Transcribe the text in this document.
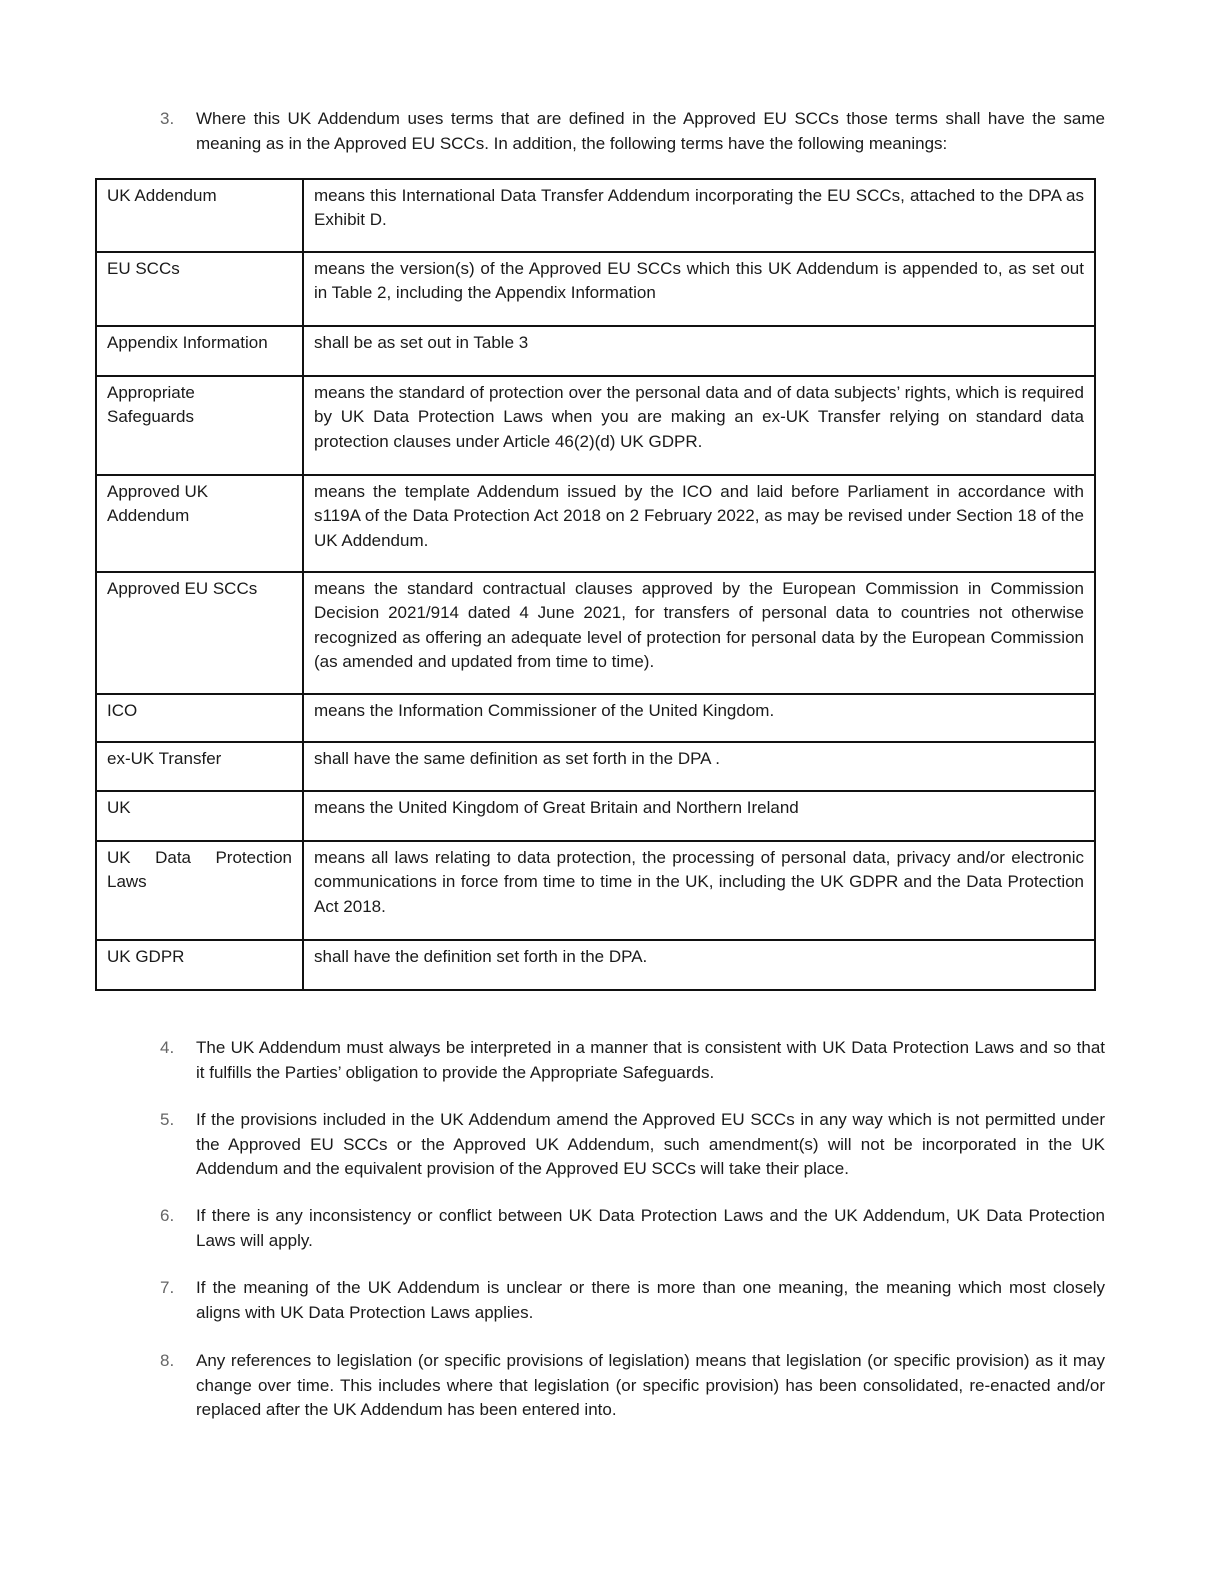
3.	Where this UK Addendum uses terms that are defined in the Approved EU SCCs those terms shall have the same meaning as in the Approved EU SCCs. In addition, the following terms have the following meanings:
UK Addendum	means this International Data Transfer Addendum incorporating the EU SCCs, attached to the DPA as Exhibit D.
EU SCCs	means the version(s) of the Approved EU SCCs which this UK Addendum is appended to, as set out in Table 2, including the Appendix Information
Appendix Information	shall be as set out in Table 3
Appropriate Safeguards	means the standard of protection over the personal data and of data subjects’ rights, which is required by UK Data Protection Laws when you are making an ex-UK Transfer relying on standard data protection clauses under Article 46(2)(d) UK GDPR.
Approved UK Addendum	means the template Addendum issued by the ICO and laid before Parliament in accordance with s119A of the Data Protection Act 2018 on 2 February 2022, as may be revised under Section 18 of the UK Addendum.
Approved EU SCCs	means the standard contractual clauses approved by the European Commission in Commission Decision 2021/914 dated 4 June 2021, for transfers of personal data to countries not otherwise recognized as offering an adequate level of protection for personal data by the European Commission (as amended and updated from time to time).
ICO	means the Information Commissioner of the United Kingdom.
ex-UK Transfer	shall have the same definition as set forth in the DPA .
UK	means the United Kingdom of Great Britain and Northern Ireland
UK Data Protection Laws	means all laws relating to data protection, the processing of personal data, privacy and/or electronic communications in force from time to time in the UK, including the UK GDPR and the Data Protection Act 2018.
UK GDPR	shall have the definition set forth in the DPA.
4.	The UK Addendum must always be interpreted in a manner that is consistent with UK Data Protection Laws and so that it fulfills the Parties’ obligation to provide the Appropriate Safeguards.
5.	If the provisions included in the UK Addendum amend the Approved EU SCCs in any way which is not permitted under the Approved EU SCCs or the Approved UK Addendum, such amendment(s) will not be incorporated in the UK Addendum and the equivalent provision of the Approved EU SCCs will take their place.
6.	If there is any inconsistency or conflict between UK Data Protection Laws and the UK Addendum, UK Data Protection Laws will apply.
7.	If the meaning of the UK Addendum is unclear or there is more than one meaning, the meaning which most closely aligns with UK Data Protection Laws applies.
8.	Any references to legislation (or specific provisions of legislation) means that legislation (or specific provision) as it may change over time. This includes where that legislation (or specific provision) has been consolidated, re-enacted and/or replaced after the UK Addendum has been entered into.
